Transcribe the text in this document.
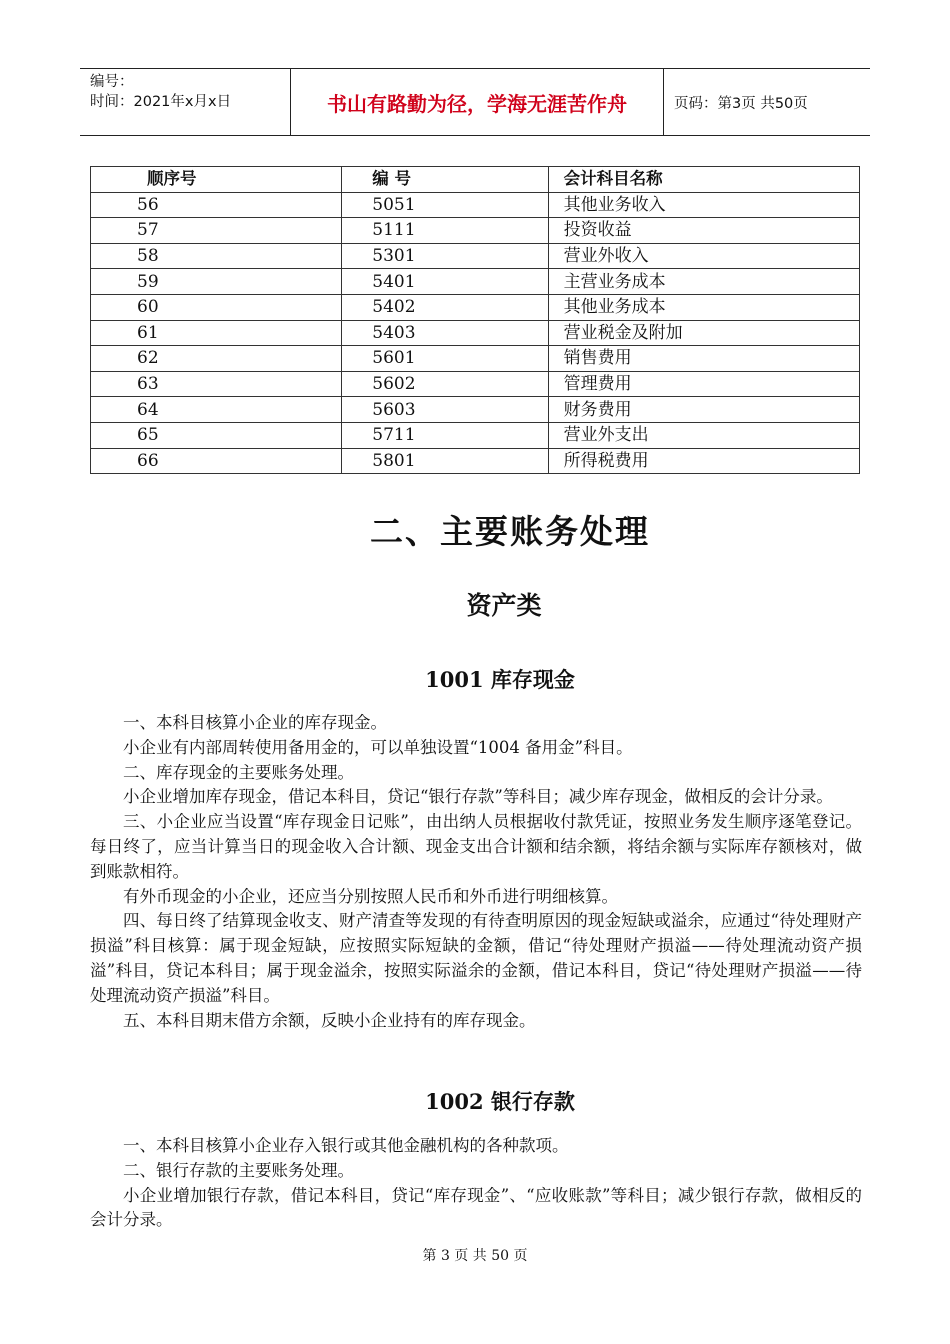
编号：
时间：2021年x月x日	书山有路勤为径，学海无涯苦作舟	页码：第3页 共50页
顺序号	编 号	会计科目名称
56	5051	其他业务收入
57	5111	投资收益
58	5301	营业外收入
59	5401	主营业务成本
60	5402	其他业务成本
61	5403	营业税金及附加
62	5601	销售费用
63	5602	管理费用
64	5603	财务费用
65	5711	营业外支出
66	5801	所得税费用
二、主要账务处理
资产类
1001 库存现金

一、本科目核算小企业的库存现金。

小企业有内部周转使用备用金的，可以单独设置“1004 备用金”科目。

二、库存现金的主要账务处理。

小企业增加库存现金，借记本科目，贷记“银行存款”等科目；减少库存现金，做相反的会计分录。

三、小企业应当设置“库存现金日记账”，由出纳人员根据收付款凭证，按照业务发生顺序逐笔登记。每日终了，应当计算当日的现金收入合计额、现金支出合计额和结余额，将结余额与实际库存额核对，做到账款相符。

有外币现金的小企业，还应当分别按照人民币和外币进行明细核算。

四、每日终了结算现金收支、财产清查等发现的有待查明原因的现金短缺或溢余，应通过“待处理财产损溢”科目核算：属于现金短缺，应按照实际短缺的金额，借记“待处理财产损溢——待处理流动资产损溢”科目，贷记本科目；属于现金溢余，按照实际溢余的金额，借记本科目，贷记“待处理财产损溢——待处理流动资产损溢”科目。

五、本科目期末借方余额，反映小企业持有的库存现金。

1002 银行存款

一、本科目核算小企业存入银行或其他金融机构的各种款项。

二、银行存款的主要账务处理。

小企业增加银行存款，借记本科目，贷记“库存现金”、“应收账款”等科目；减少银行存款，做相反的会计分录。

第 3 页 共 50 页
